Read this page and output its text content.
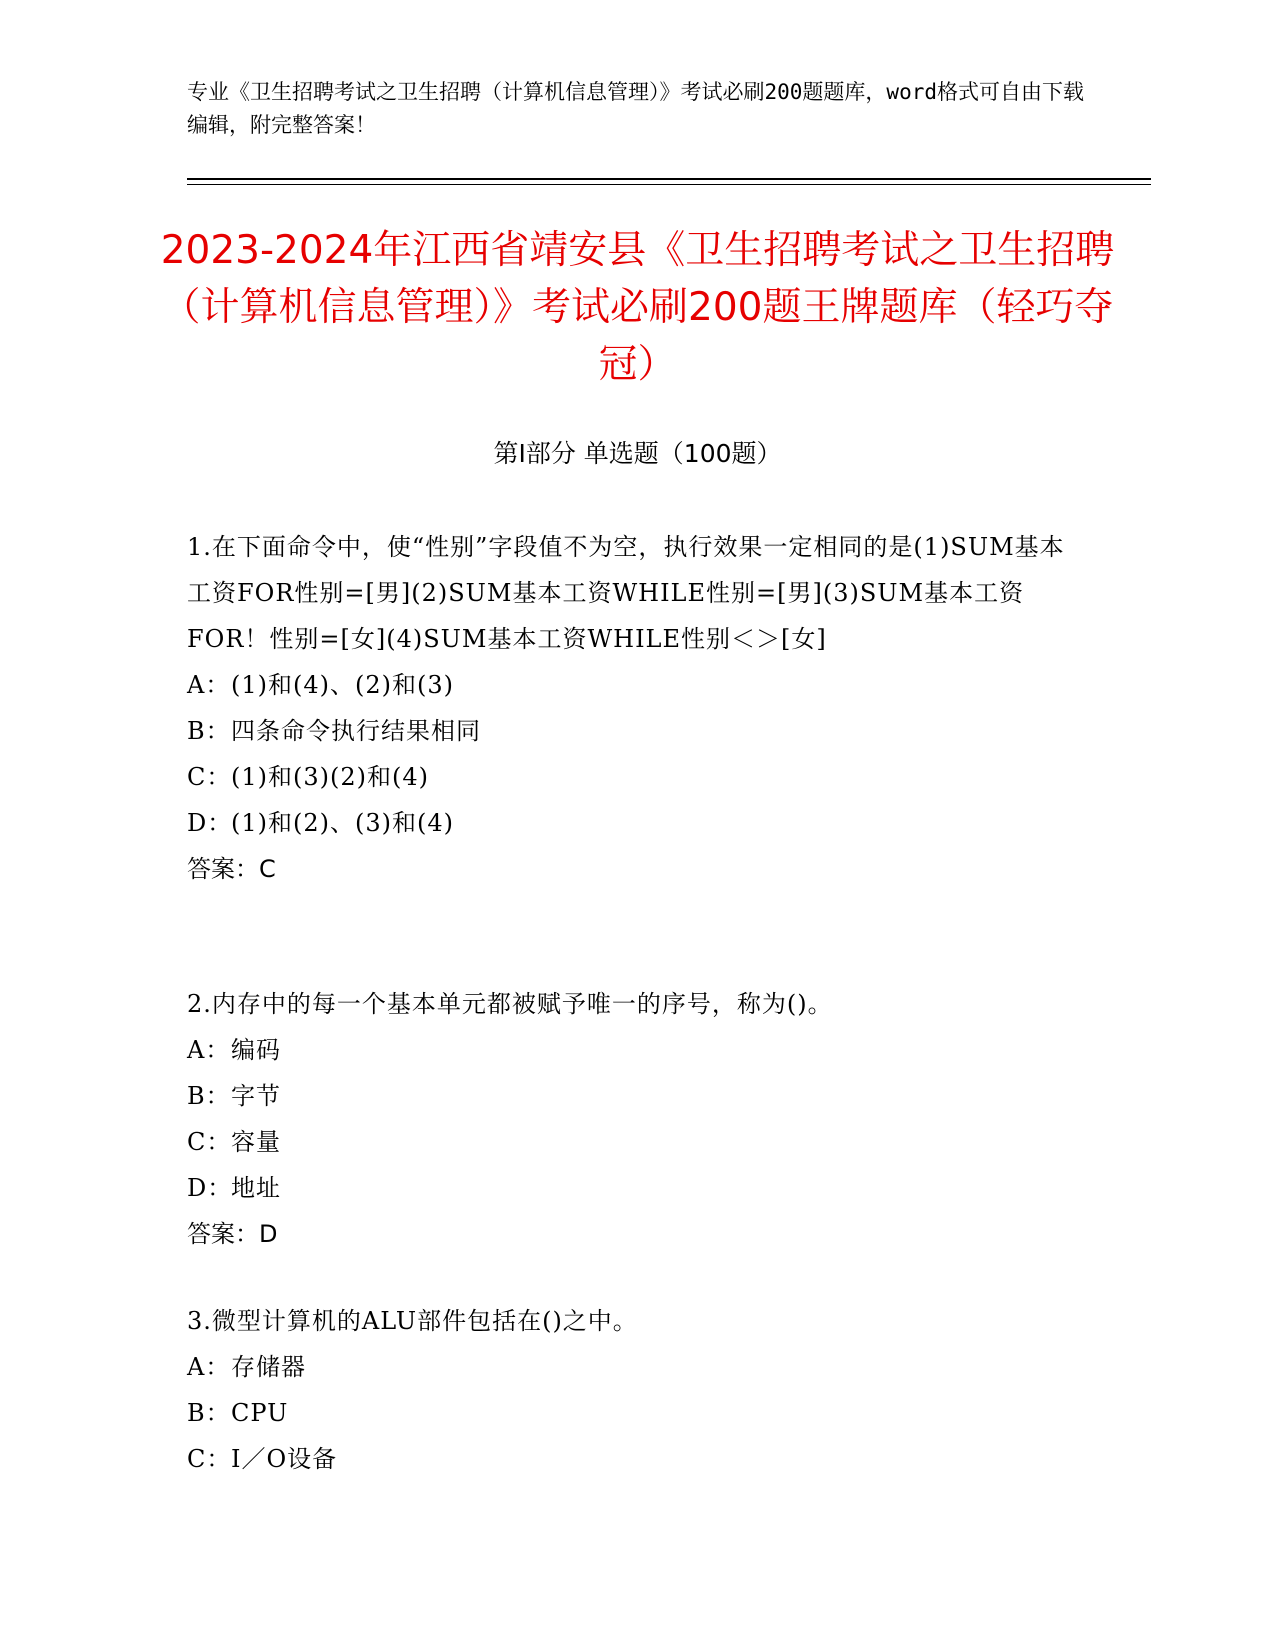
专业《卫生招聘考试之卫生招聘（计算机信息管理）》考试必刷200题题库，word格式可自由下载编辑，附完整答案！
2023-2024年江西省靖安县《卫生招聘考试之卫生招聘（计算机信息管理）》考试必刷200题王牌题库（轻巧夺冠）
第Ⅰ部分 单选题（100题）
1.在下面命令中，使“性别”字段值不为空，执行效果一定相同的是(1)SUM基本工资FOR性别=[男](2)SUM基本工资WHILE性别=[男](3)SUM基本工资FOR！性别=[女](4)SUM基本工资WHILE性别＜＞[女]
A：(1)和(4)、(2)和(3)
B：四条命令执行结果相同
C：(1)和(3)(2)和(4)
D：(1)和(2)、(3)和(4)
答案：C
2.内存中的每一个基本单元都被赋予唯一的序号，称为()。
A：编码
B：字节
C：容量
D：地址
答案：D
3.微型计算机的ALU部件包括在()之中。
A：存储器
B：CPU
C：I／O设备
